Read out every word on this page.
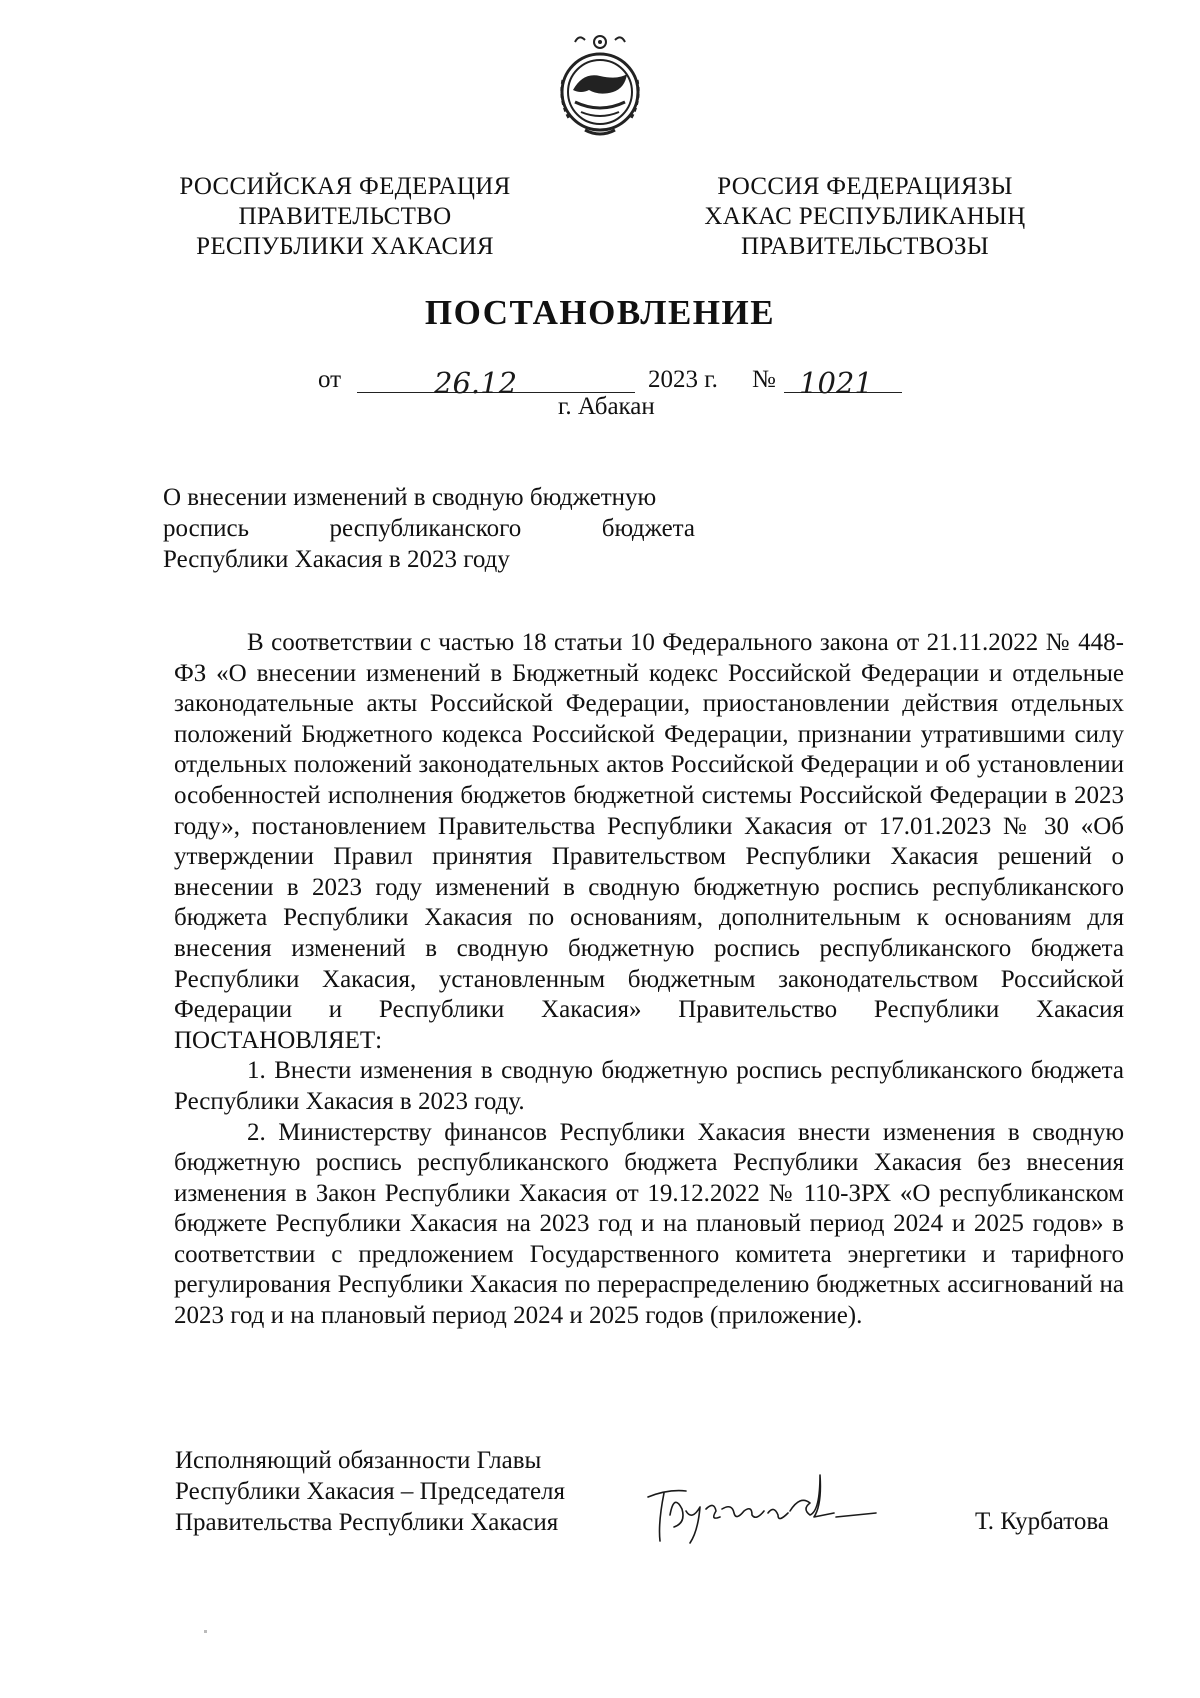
РОССИЙСКАЯ ФЕДЕРАЦИЯ
ПРАВИТЕЛЬСТВО
РЕСПУБЛИКИ ХАКАСИЯ
РОССИЯ ФЕДЕРАЦИЯЗЫ
ХАКАС РЕСПУБЛИКАНЫҢ
ПРАВИТЕЛЬСТВОЗЫ
ПОСТАНОВЛЕНИЕ
от	26.12	2023 г. № 1021
г. Абакан
О внесении изменений в сводную бюджетную
роспись республиканского бюджета
Республики Хакасия в 2023 году

В соответствии с частью 18 статьи 10 Федерального закона от 21.11.2022 № 448-ФЗ «О внесении изменений в Бюджетный кодекс Российской Федерации и отдельные законодательные акты Российской Федерации, приостановлении действия отдельных положений Бюджетного кодекса Российской Федерации, признании утратившими силу отдельных положений законодательных актов Российской Федерации и об установлении особенностей исполнения бюджетов бюджетной системы Российской Федерации в 2023 году», постановлением Правительства Республики Хакасия от 17.01.2023 № 30 «Об утверждении Правил принятия Правительством Республики Хакасия решений о внесении в 2023 году изменений в сводную бюджетную роспись республиканского бюджета Республики Хакасия по основаниям, дополнительным к основаниям для внесения изменений в сводную бюджетную роспись республиканского бюджета Республики Хакасия, установленным бюджетным законодательством Российской Федерации и Республики Хакасия» Правительство Республики Хакасия ПОСТАНОВЛЯЕТ:

1. Внести изменения в сводную бюджетную роспись республиканского бюджета Республики Хакасия в 2023 году.

2. Министерству финансов Республики Хакасия внести изменения в сводную бюджетную роспись республиканского бюджета Республики Хакасия без внесения изменения в Закон Республики Хакасия от 19.12.2022 № 110-ЗРХ «О республиканском бюджете Республики Хакасия на 2023 год и на плановый период 2024 и 2025 годов» в соответствии с предложением Государственного комитета энергетики и тарифного регулирования Республики Хакасия по перераспределению бюджетных ассигнований на 2023 год и на плановый период 2024 и 2025 годов (приложение).

Исполняющий обязанности Главы
Республики Хакасия – Председателя
Правительства Республики Хакасия	Т. Курбатова
